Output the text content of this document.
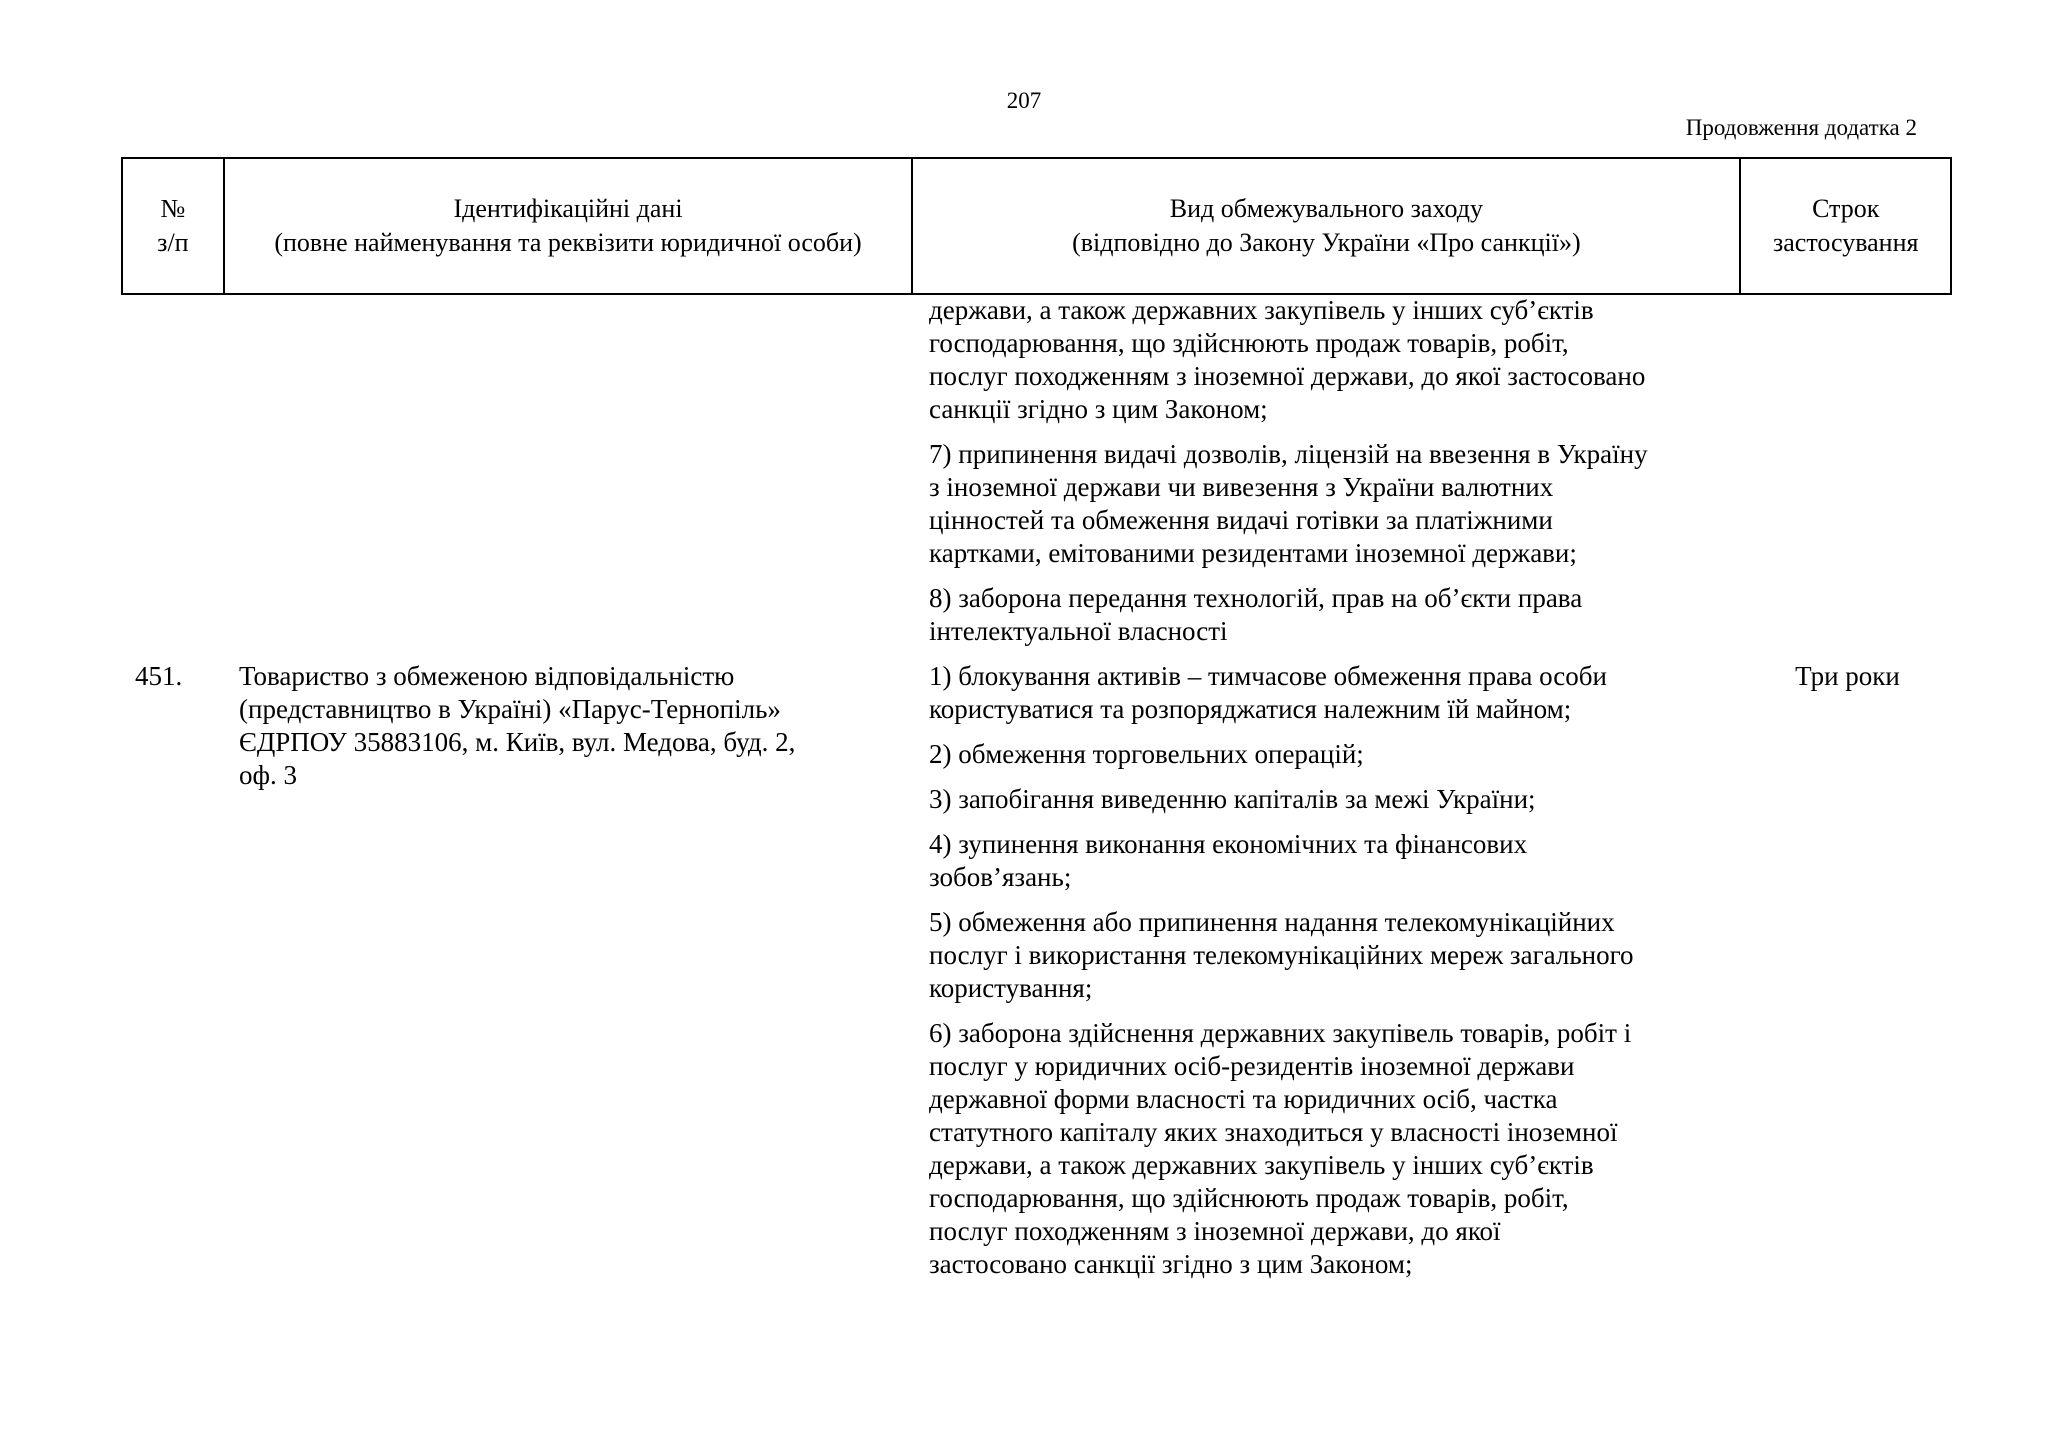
207
Продовження додатка 2
№
з/п
Ідентифікаційні дані
(повне найменування та реквізити юридичної особи)
Вид обмежувального заходу
(відповідно до Закону України «Про санкції»)
Строк
застосування

держави, а також державних закупівель у інших суб’єктів
господарювання, що здійснюють продаж товарів, робіт,
послуг походженням з іноземної держави, до якої застосовано
санкції згідно з цим Законом;

7) припинення видачі дозволів, ліцензій на ввезення в Україну
з іноземної держави чи вивезення з України валютних
цінностей та обмеження видачі готівки за платіжними
картками, емітованими резидентами іноземної держави;

8) заборона передання технологій, прав на об’єкти права
інтелектуальної власності

451.	Товариство з обмеженою відповідальністю
(представництво в Україні) «Парус-Тернопіль»
ЄДРПОУ 35883106, м. Київ, вул. Медова, буд. 2,
оф. 3

1) блокування активів – тимчасове обмеження права особи
користуватися та розпоряджатися належним їй майном;

2) обмеження торговельних операцій;

3) запобігання виведенню капіталів за межі України;

4) зупинення виконання економічних та фінансових
зобов’язань;

5) обмеження або припинення надання телекомунікаційних
послуг і використання телекомунікаційних мереж загального
користування;

6) заборона здійснення державних закупівель товарів, робіт і
послуг у юридичних осіб-резидентів іноземної держави
державної форми власності та юридичних осіб, частка
статутного капіталу яких знаходиться у власності іноземної
держави, а також державних закупівель у інших суб’єктів
господарювання, що здійснюють продаж товарів, робіт,
послуг походженням з іноземної держави, до якої
застосовано санкції згідно з цим Законом;

Три роки
